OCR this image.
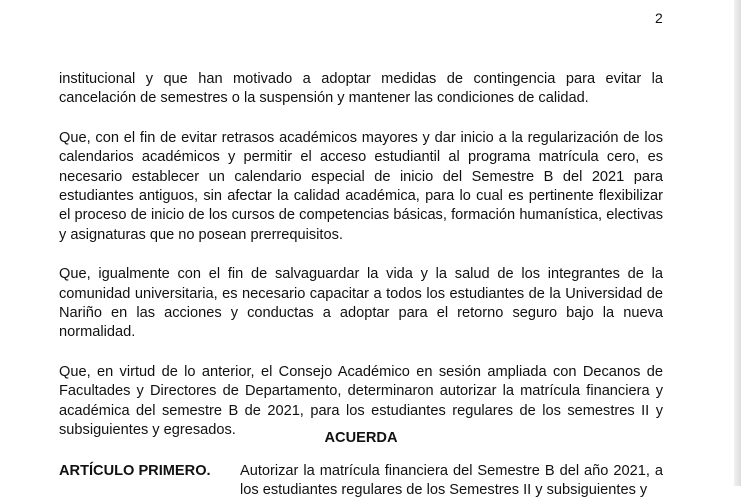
2

institucional y que han motivado a adoptar medidas de contingencia para evitar la cancelación de semestres o la suspensión y mantener las condiciones de calidad.

Que, con el fin de evitar retrasos académicos mayores y dar inicio a la regularización de los calendarios académicos y permitir el acceso estudiantil al programa matrícula cero, es necesario establecer un calendario especial de inicio del Semestre B del 2021 para estudiantes antiguos, sin afectar la calidad académica, para lo cual es pertinente flexibilizar el proceso de inicio de los cursos de competencias básicas, formación humanística, electivas y asignaturas que no posean prerrequisitos.

Que, igualmente con el fin de salvaguardar la vida y la salud de los integrantes de la comunidad universitaria, es necesario capacitar a todos los estudiantes de la Universidad de Nariño en las acciones y conductas a adoptar para el retorno seguro bajo la nueva normalidad.

Que, en virtud de lo anterior, el Consejo Académico en sesión ampliada con Decanos de Facultades y Directores de Departamento, determinaron autorizar la matrícula financiera y académica del semestre B de 2021, para los estudiantes regulares de los semestres II y subsiguientes y egresados.	ACUERDA
ARTÍCULO PRIMERO. Autorizar la matrícula financiera del Semestre B del año 2021, a los estudiantes regulares de los Semestres II y subsiguientes y
